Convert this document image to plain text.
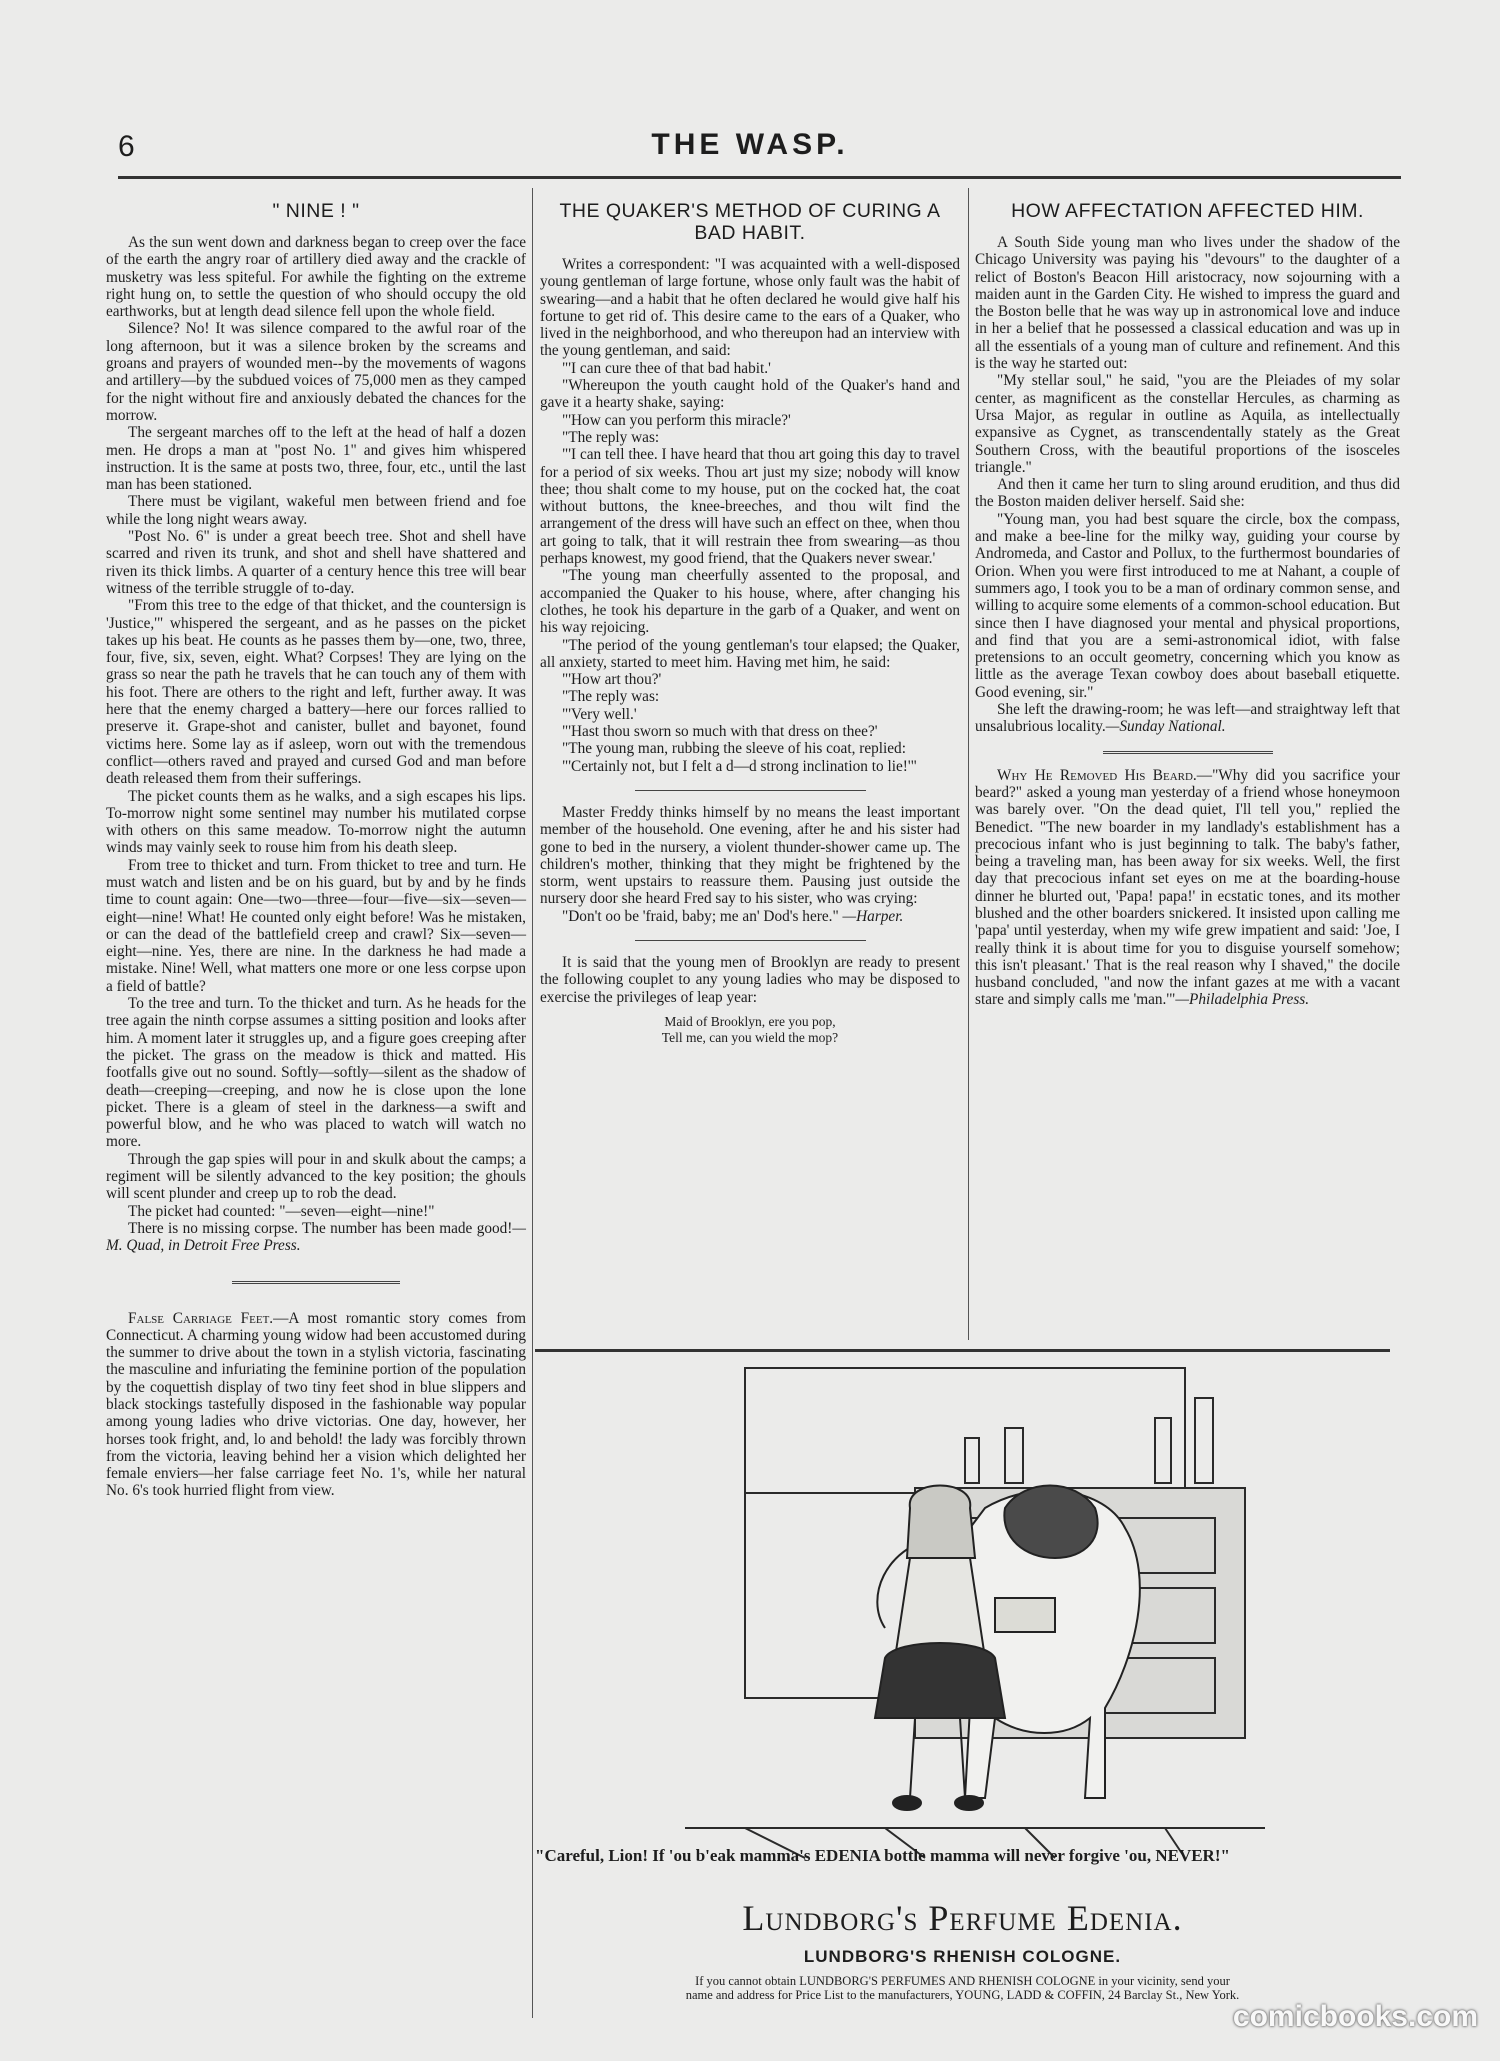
6	THE WASP.
" NINE ! "

As the sun went down and darkness began to creep over the face of the earth the angry roar of artillery died away and the crackle of musketry was less spiteful. For awhile the fighting on the extreme right hung on, to settle the question of who should occupy the old earthworks, but at length dead silence fell upon the whole field.

Silence? No! It was silence compared to the awful roar of the long afternoon, but it was a silence broken by the screams and groans and prayers of wounded men--by the movements of wagons and artillery—by the subdued voices of 75,000 men as they camped for the night without fire and anxiously debated the chances for the morrow.

The sergeant marches off to the left at the head of half a dozen men. He drops a man at "post No. 1" and gives him whispered instruction. It is the same at posts two, three, four, etc., until the last man has been stationed.

There must be vigilant, wakeful men between friend and foe while the long night wears away.

"Post No. 6" is under a great beech tree. Shot and shell have scarred and riven its trunk, and shot and shell have shattered and riven its thick limbs. A quarter of a century hence this tree will bear witness of the terrible struggle of to-day.

"From this tree to the edge of that thicket, and the countersign is 'Justice,'" whispered the sergeant, and as he passes on the picket takes up his beat. He counts as he passes them by—one, two, three, four, five, six, seven, eight. What? Corpses! They are lying on the grass so near the path he travels that he can touch any of them with his foot. There are others to the right and left, further away. It was here that the enemy charged a battery—here our forces rallied to preserve it. Grape-shot and canister, bullet and bayonet, found victims here. Some lay as if asleep, worn out with the tremendous conflict—others raved and prayed and cursed God and man before death released them from their sufferings.

The picket counts them as he walks, and a sigh escapes his lips. To-morrow night some sentinel may number his mutilated corpse with others on this same meadow. To-morrow night the autumn winds may vainly seek to rouse him from his death sleep.

From tree to thicket and turn. From thicket to tree and turn. He must watch and listen and be on his guard, but by and by he finds time to count again: One—two—three—four—five—six—seven—eight—nine! What! He counted only eight before! Was he mistaken, or can the dead of the battlefield creep and crawl? Six—seven—eight—nine. Yes, there are nine. In the darkness he had made a mistake. Nine! Well, what matters one more or one less corpse upon a field of battle?

To the tree and turn. To the thicket and turn. As he heads for the tree again the ninth corpse assumes a sitting position and looks after him. A moment later it struggles up, and a figure goes creeping after the picket. The grass on the meadow is thick and matted. His footfalls give out no sound. Softly—softly—silent as the shadow of death—creeping—creeping, and now he is close upon the lone picket. There is a gleam of steel in the darkness—a swift and powerful blow, and he who was placed to watch will watch no more.

Through the gap spies will pour in and skulk about the camps; a regiment will be silently advanced to the key position; the ghouls will scent plunder and creep up to rob the dead.

The picket had counted: "—seven—eight—nine!"

There is no missing corpse. The number has been made good!—M. Quad, in Detroit Free Press.

False Carriage Feet.—A most romantic story comes from Connecticut. A charming young widow had been accustomed during the summer to drive about the town in a stylish victoria, fascinating the masculine and infuriating the feminine portion of the population by the coquettish display of two tiny feet shod in blue slippers and black stockings tastefully disposed in the fashionable way popular among young ladies who drive victorias. One day, however, her horses took fright, and, lo and behold! the lady was forcibly thrown from the victoria, leaving behind her a vision which delighted her female enviers—her false carriage feet No. 1's, while her natural No. 6's took hurried flight from view.

THE QUAKER'S METHOD OF CURING A BAD HABIT.

Writes a correspondent: "I was acquainted with a well-disposed young gentleman of large fortune, whose only fault was the habit of swearing—and a habit that he often declared he would give half his fortune to get rid of. This desire came to the ears of a Quaker, who lived in the neighborhood, and who thereupon had an interview with the young gentleman, and said:

"'I can cure thee of that bad habit.'

"Whereupon the youth caught hold of the Quaker's hand and gave it a hearty shake, saying:

"'How can you perform this miracle?'

"The reply was:

"'I can tell thee. I have heard that thou art going this day to travel for a period of six weeks. Thou art just my size; nobody will know thee; thou shalt come to my house, put on the cocked hat, the coat without buttons, the knee-breeches, and thou wilt find the arrangement of the dress will have such an effect on thee, when thou art going to talk, that it will restrain thee from swearing—as thou perhaps knowest, my good friend, that the Quakers never swear.'

"The young man cheerfully assented to the proposal, and accompanied the Quaker to his house, where, after changing his clothes, he took his departure in the garb of a Quaker, and went on his way rejoicing.

"The period of the young gentleman's tour elapsed; the Quaker, all anxiety, started to meet him. Having met him, he said:

"'How art thou?'

"The reply was:

"'Very well.'

"'Hast thou sworn so much with that dress on thee?'

"The young man, rubbing the sleeve of his coat, replied:

"'Certainly not, but I felt a d—d strong inclination to lie!'"

Master Freddy thinks himself by no means the least important member of the household. One evening, after he and his sister had gone to bed in the nursery, a violent thunder-shower came up. The children's mother, thinking that they might be frightened by the storm, went upstairs to reassure them. Pausing just outside the nursery door she heard Fred say to his sister, who was crying:

"Don't oo be 'fraid, baby; me an' Dod's here." —Harper.

It is said that the young men of Brooklyn are ready to present the following couplet to any young ladies who may be disposed to exercise the privileges of leap year:

Maid of Brooklyn, ere you pop,
Tell me, can you wield the mop?
HOW AFFECTATION AFFECTED HIM.

A South Side young man who lives under the shadow of the Chicago University was paying his "devours" to the daughter of a relict of Boston's Beacon Hill aristocracy, now sojourning with a maiden aunt in the Garden City. He wished to impress the guard and the Boston belle that he was way up in astronomical love and induce in her a belief that he possessed a classical education and was up in all the essentials of a young man of culture and refinement. And this is the way he started out:

"My stellar soul," he said, "you are the Pleiades of my solar center, as magnificent as the constellar Hercules, as charming as Ursa Major, as regular in outline as Aquila, as intellectually expansive as Cygnet, as transcendentally stately as the Great Southern Cross, with the beautiful proportions of the isosceles triangle."

And then it came her turn to sling around erudition, and thus did the Boston maiden deliver herself. Said she:

"Young man, you had best square the circle, box the compass, and make a bee-line for the milky way, guiding your course by Andromeda, and Castor and Pollux, to the furthermost boundaries of Orion. When you were first introduced to me at Nahant, a couple of summers ago, I took you to be a man of ordinary common sense, and willing to acquire some elements of a common-school education. But since then I have diagnosed your mental and physical proportions, and find that you are a semi-astronomical idiot, with false pretensions to an occult geometry, concerning which you know as little as the average Texan cowboy does about baseball etiquette. Good evening, sir."

She left the drawing-room; he was left—and straightway left that unsalubrious locality.—Sunday National.

Why He Removed His Beard.—"Why did you sacrifice your beard?" asked a young man yesterday of a friend whose honeymoon was barely over. "On the dead quiet, I'll tell you," replied the Benedict. "The new boarder in my landlady's establishment has a precocious infant who is just beginning to talk. The baby's father, being a traveling man, has been away for six weeks. Well, the first day that precocious infant set eyes on me at the boarding-house dinner he blurted out, 'Papa! papa!' in ecstatic tones, and its mother blushed and the other boarders snickered. It insisted upon calling me 'papa' until yesterday, when my wife grew impatient and said: 'Joe, I really think it is about time for you to disguise yourself somehow; this isn't pleasant.' That is the real reason why I shaved," the docile husband concluded, "and now the infant gazes at me with a vacant stare and simply calls me 'man.'"—Philadelphia Press.

"Careful, Lion! If 'ou b'eak mamma's EDENIA bottle mamma will never forgive 'ou, NEVER!"
Lundborg's Perfume Edenia.
LUNDBORG'S RHENISH COLOGNE.
If you cannot obtain LUNDBORG'S PERFUMES AND RHENISH COLOGNE in your vicinity, send your
name and address for Price List to the manufacturers, YOUNG, LADD & COFFIN, 24 Barclay St., New York.
comicbooks.com
